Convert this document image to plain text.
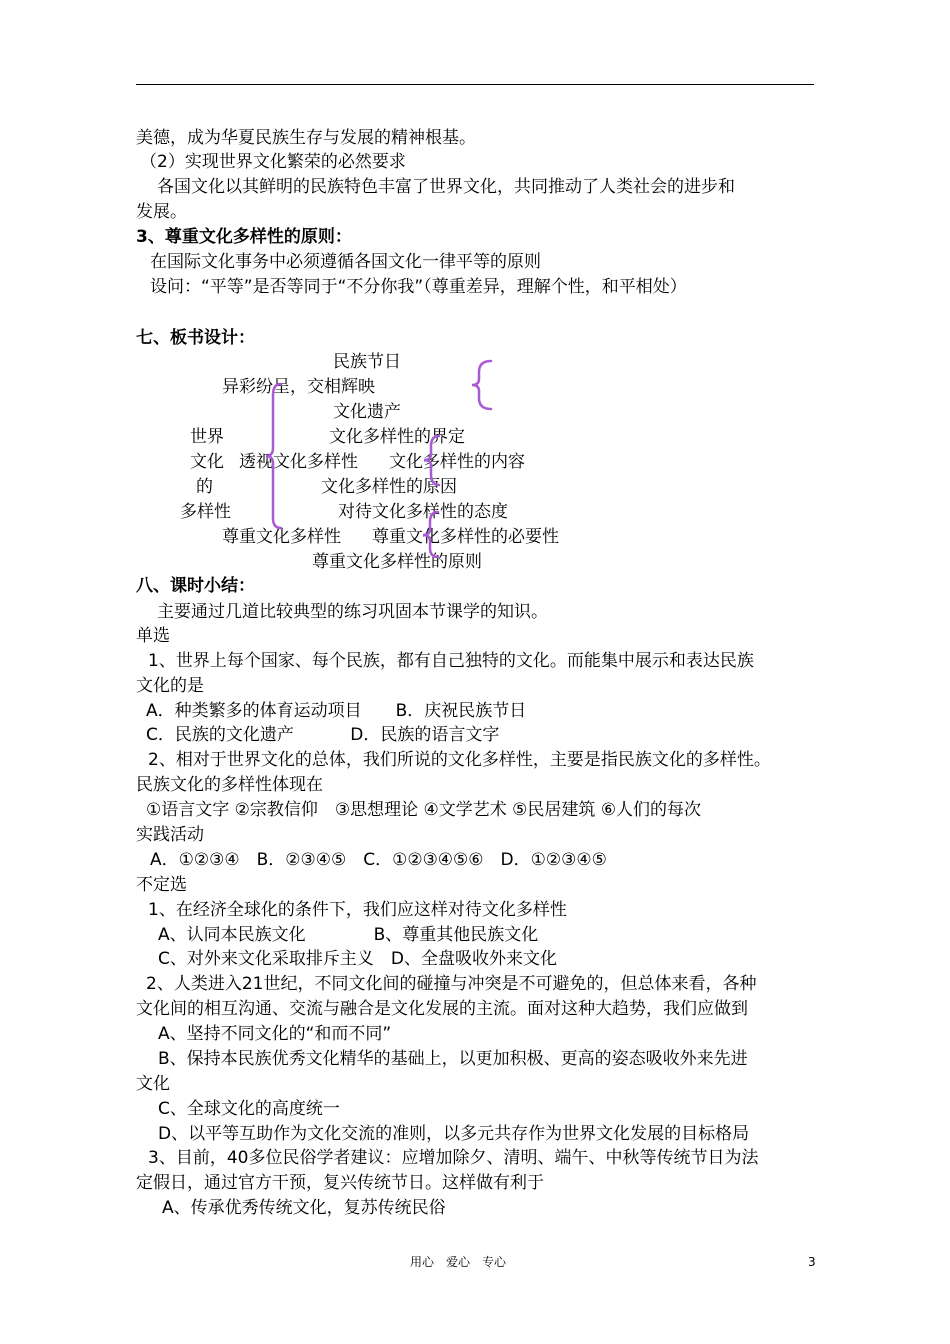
美德，成为华夏民族生存与发展的精神根基。
（2）实现世界文化繁荣的必然要求
各国文化以其鲜明的民族特色丰富了世界文化，共同推动了人类社会的进步和
发展。
3、尊重文化多样性的原则：
在国际文化事务中必须遵循各国文化一律平等的原则
设问：“平等”是否等同于“不分你我”（尊重差异，理解个性，和平相处）
七、板书设计：
民族节日
异彩纷呈，交相辉映
文化遗产
世界	文化多样性的界定
文化 透视文化多样性 文化多样性的内容
的	文化多样性的原因
多样性	对待文化多样性的态度
尊重文化多样性 尊重文化多样性的必要性
尊重文化多样性的原则
八、课时小结：
主要通过几道比较典型的练习巩固本节课学的知识。
单选
1、世界上每个国家、每个民族，都有自己独特的文化。而能集中展示和表达民族
文化的是
A．种类繁多的体育运动项目　　B．庆祝民族节日
C．民族的文化遗产　　　 D．民族的语言文字
2、相对于世界文化的总体，我们所说的文化多样性，主要是指民族文化的多样性。
民族文化的多样性体现在
①语言文字 ②宗教信仰　③思想理论 ④文学艺术 ⑤民居建筑 ⑥人们的每次
实践活动
A．①②③④　B．②③④⑤　C．①②③④⑤⑥　D．①②③④⑤
不定选
1、在经济全球化的条件下，我们应这样对待文化多样性
A、认同本民族文化　　　　B、尊重其他民族文化
C、对外来文化采取排斥主义　D、全盘吸收外来文化
2、人类进入21世纪，不同文化间的碰撞与冲突是不可避免的，但总体来看，各种
文化间的相互沟通、交流与融合是文化发展的主流。面对这种大趋势，我们应做到
A、坚持不同文化的“和而不同”
B、保持本民族优秀文化精华的基础上，以更加积极、更高的姿态吸收外来先进
文化
C、全球文化的高度统一
D、以平等互助作为文化交流的准则，以多元共存作为世界文化发展的目标格局
3、目前，40多位民俗学者建议：应增加除夕、清明、端午、中秋等传统节日为法
定假日，通过官方干预，复兴传统节日。这样做有利于
A、传承优秀传统文化，复苏传统民俗
用心　爱心　专心	3
